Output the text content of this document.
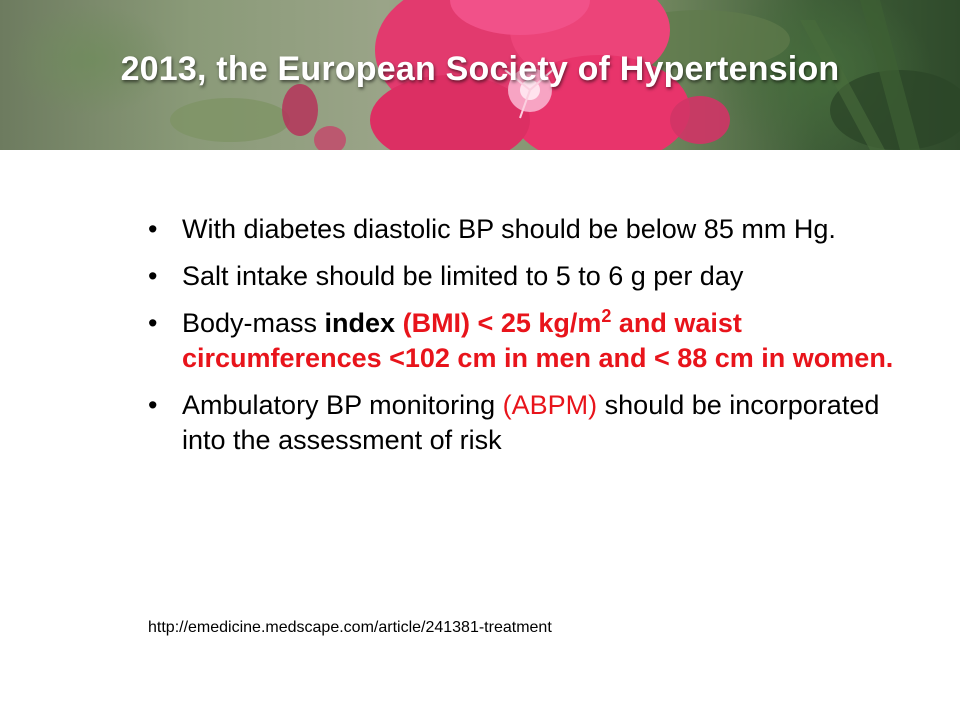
2013, the European Society of Hypertension
• With diabetes diastolic BP should be below 85 mm Hg.
• Salt intake should be limited to 5 to 6 g per day
• Body-mass index (BMI) < 25 $kg/m^2$ and waist circumferences <102 cm in men and < 88 cm in women.
• Ambulatory BP monitoring (ABPM) should be incorporated into the assessment of risk
http://emedicine.medscape.com/article/241381-treatment
